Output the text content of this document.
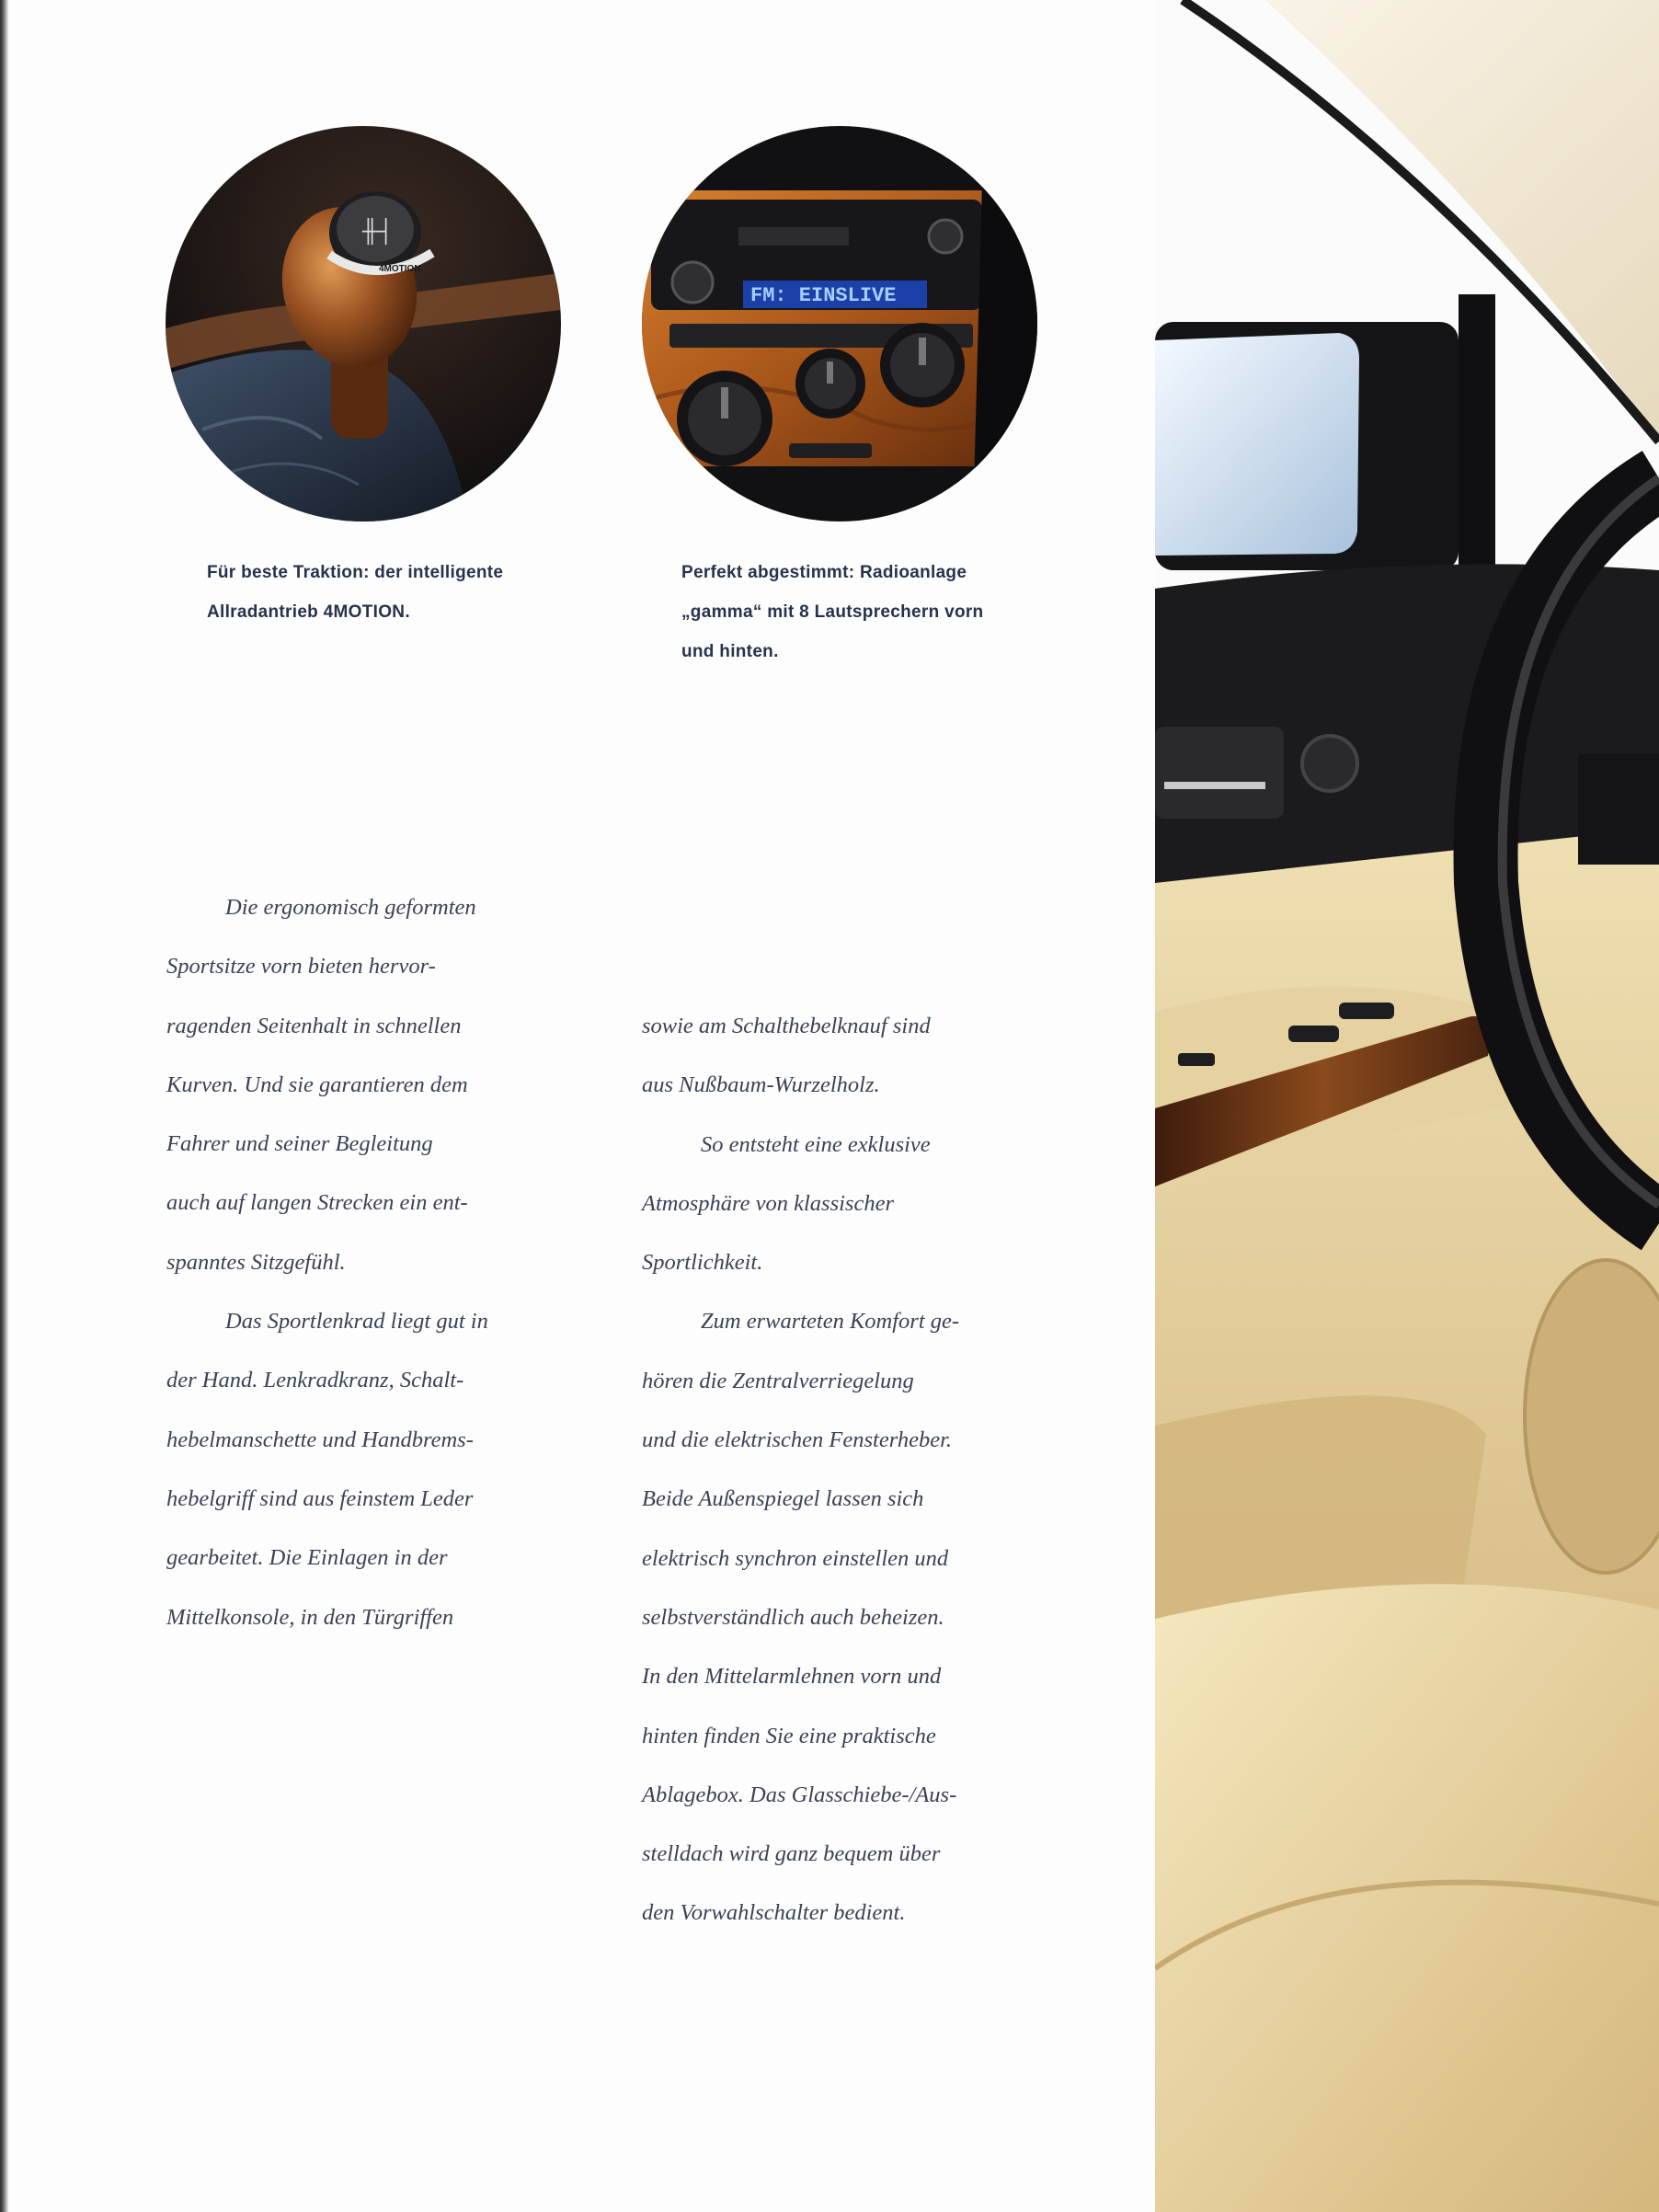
╫┤
4MOTION
FM: EINSLIVE

Für beste Traktion: der intelligente
Allradantrieb 4MOTION.

Perfekt abgestimmt: Radioanlage
„gamma“ mit 8 Lautsprechern vorn
und hinten.

Die ergonomisch geformten
Sportsitze vorn bieten hervor-
ragenden Seitenhalt in schnellen
Kurven. Und sie garantieren dem
Fahrer und seiner Begleitung
auch auf langen Strecken ein ent-
spanntes Sitzgefühl.

Das Sportlenkrad liegt gut in
der Hand. Lenkradkranz, Schalt-
hebelmanschette und Handbrems-
hebelgriff sind aus feinstem Leder
gearbeitet. Die Einlagen in der
Mittelkonsole, in den Türgriffen

sowie am Schalthebelknauf sind
aus Nußbaum-Wurzelholz.

So entsteht eine exklusive
Atmosphäre von klassischer
Sportlichkeit.

Zum erwarteten Komfort ge-
hören die Zentralverriegelung
und die elektrischen Fensterheber.
Beide Außenspiegel lassen sich
elektrisch synchron einstellen und
selbstverständlich auch beheizen.
In den Mittelarmlehnen vorn und
hinten finden Sie eine praktische
Ablagebox. Das Glasschiebe-/Aus-
stelldach wird ganz bequem über
den Vorwahlschalter bedient.
